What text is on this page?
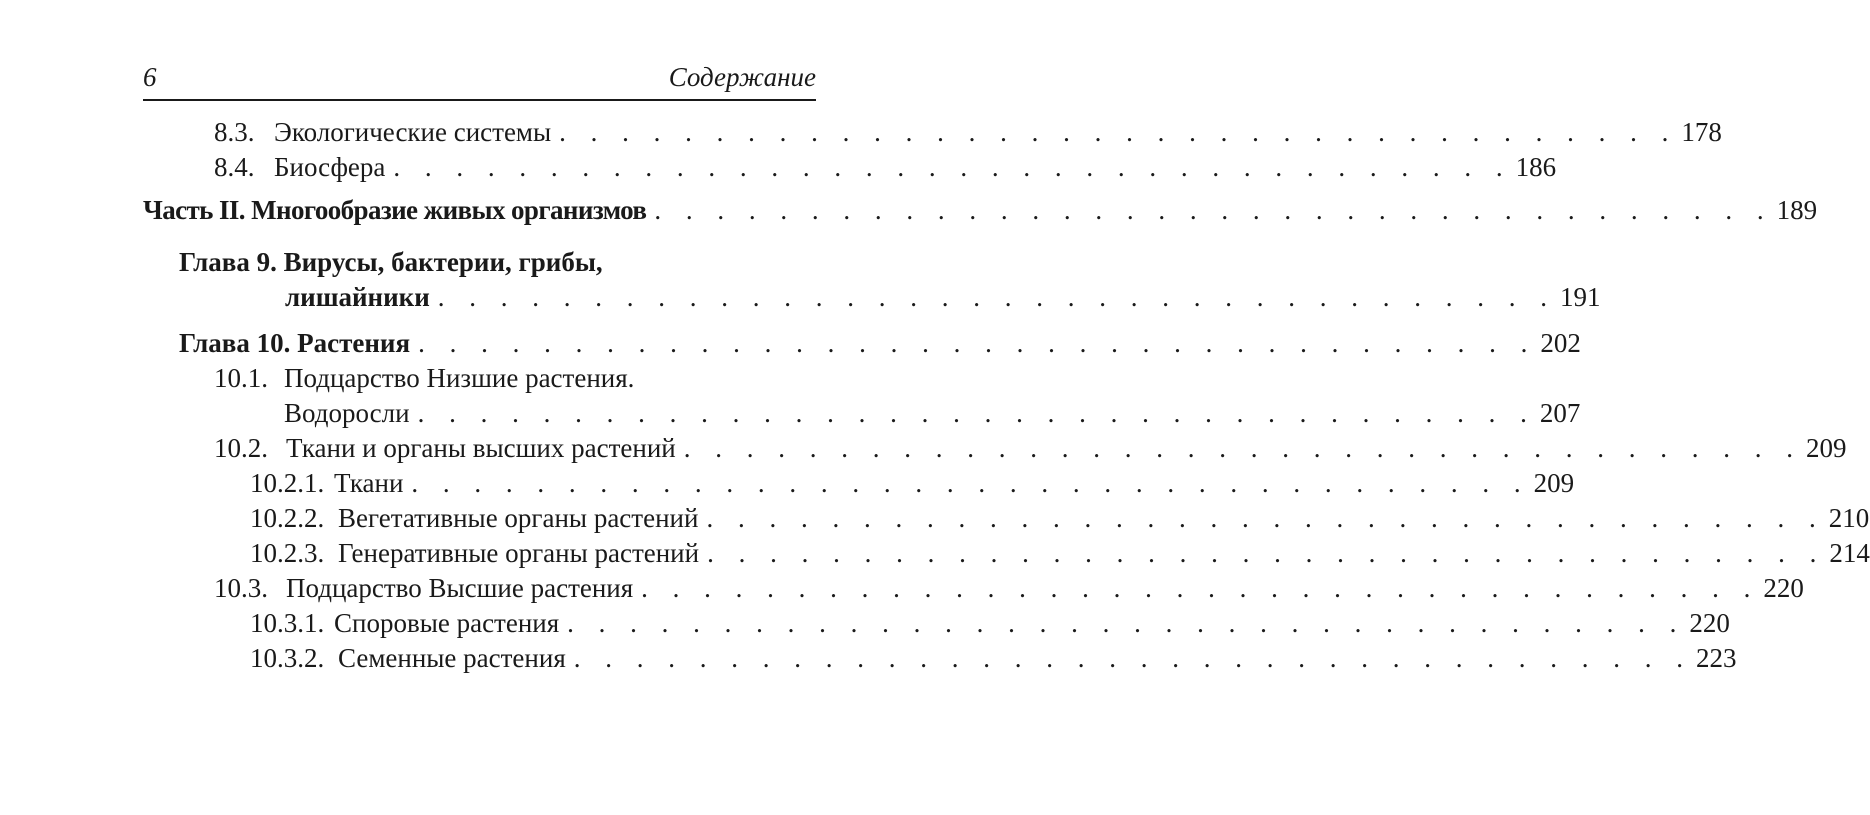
6	Содержание
8.3. Экологические системы . . . . . . . . . . . . . . . . . . . . . . . . . . . . . . . . . . . . 178
8.4. Биосфера . . . . . . . . . . . . . . . . . . . . . . . . . . . . . . . . . . . . 186
Часть II. Многообразие живых организмов . . . . . . . . . . . . . . . . . . . . . . . . . . . . . . . . . . . . 189
Глава 9. Вирусы, бактерии, грибы,
лишайники . . . . . . . . . . . . . . . . . . . . . . . . . . . . . . . . . . . . 191
Глава 10. Растения . . . . . . . . . . . . . . . . . . . . . . . . . . . . . . . . . . . . 202
10.1. Подцарство Низшие растения.
Водоросли . . . . . . . . . . . . . . . . . . . . . . . . . . . . . . . . . . . . 207
10.2. Ткани и органы высших растений . . . . . . . . . . . . . . . . . . . . . . . . . . . . . . . . . . . . 209
10.2.1. Ткани . . . . . . . . . . . . . . . . . . . . . . . . . . . . . . . . . . . . 209
10.2.2. Вегетативные органы растений . . . . . . . . . . . . . . . . . . . . . . . . . . . . . . . . . . . . 210
10.2.3. Генеративные органы растений . . . . . . . . . . . . . . . . . . . . . . . . . . . . . . . . . . . . 214
10.3. Подцарство Высшие растения . . . . . . . . . . . . . . . . . . . . . . . . . . . . . . . . . . . . 220
10.3.1. Споровые растения . . . . . . . . . . . . . . . . . . . . . . . . . . . . . . . . . . . . 220
10.3.2. Семенные растения . . . . . . . . . . . . . . . . . . . . . . . . . . . . . . . . . . . . 223
